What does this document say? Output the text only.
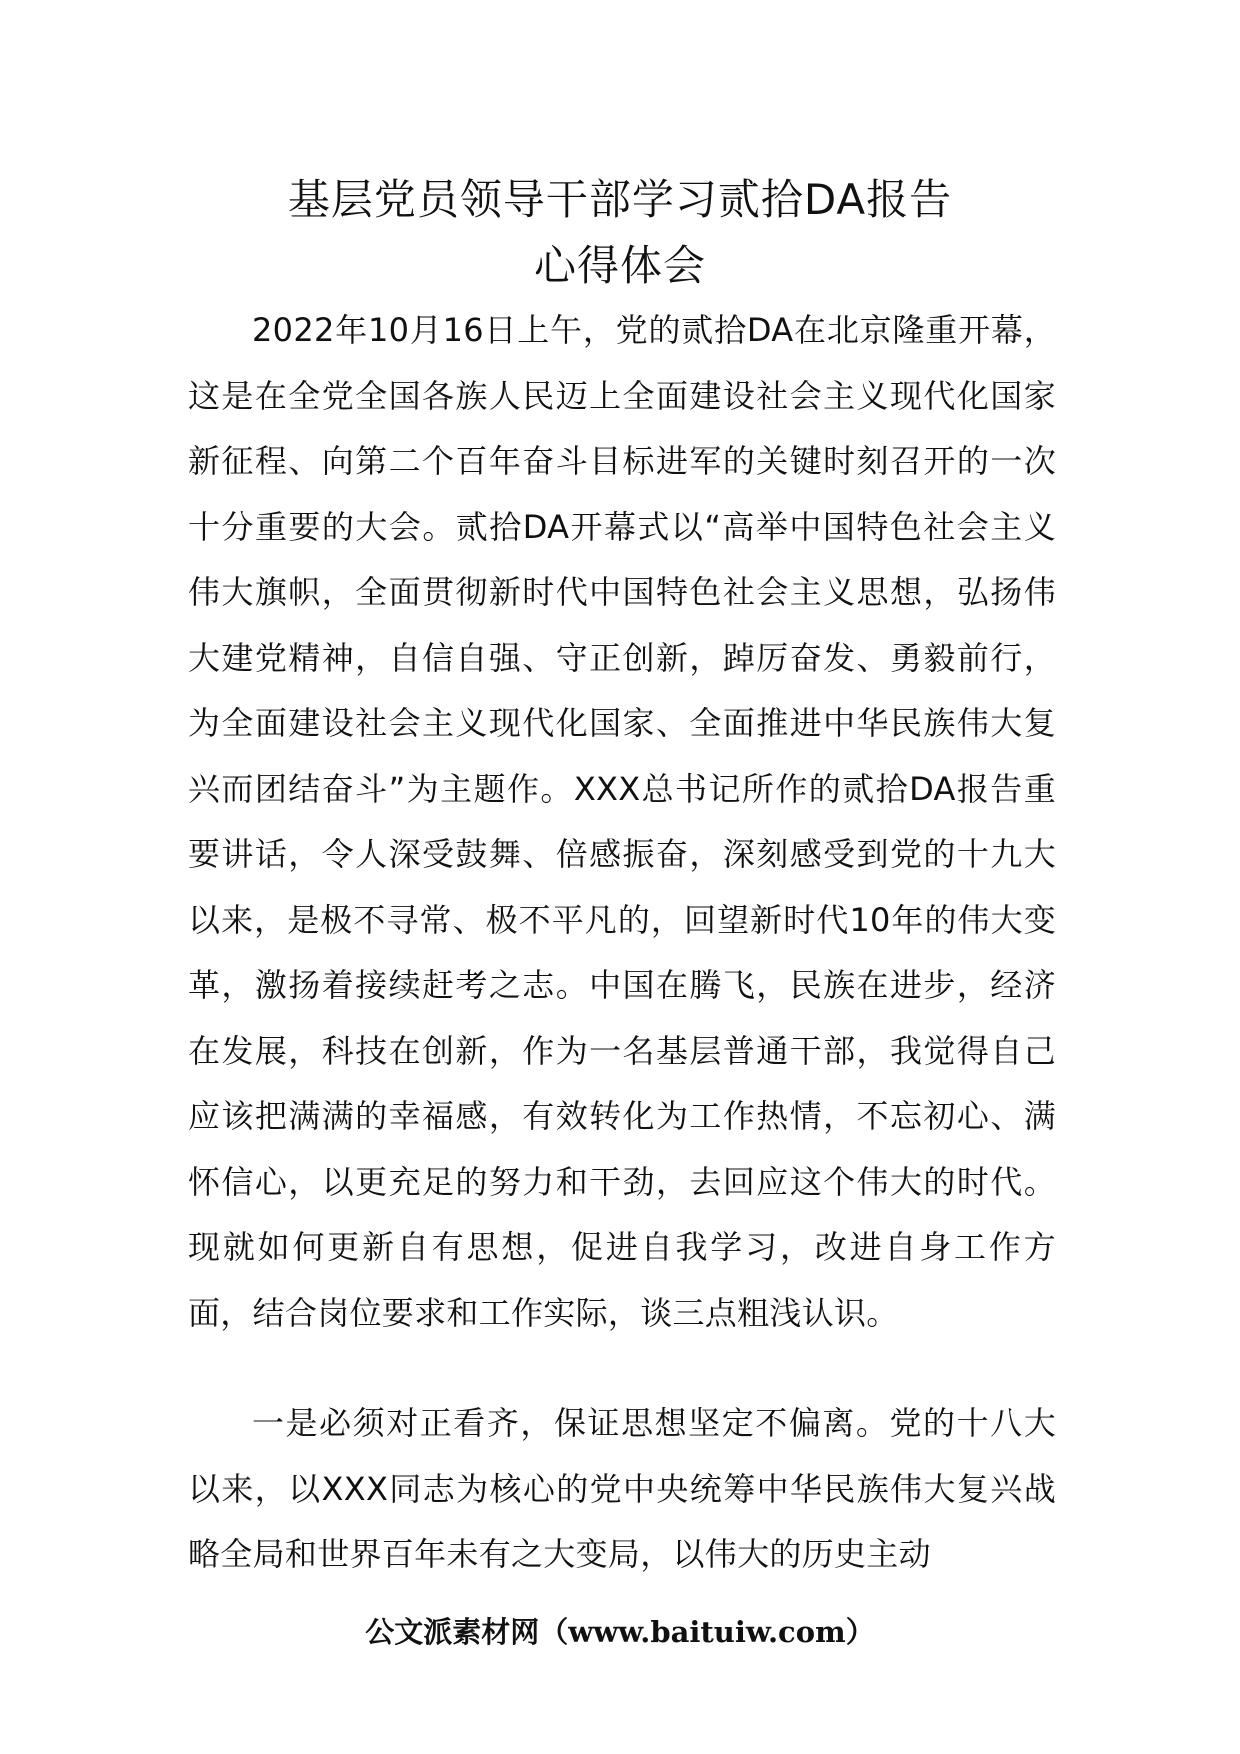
基层党员领导干部学习贰拾DA报告
心得体会

2022年10月16日上午，党的贰拾DA在北京隆重开幕，这是在全党全国各族人民迈上全面建设社会主义现代化国家新征程、向第二个百年奋斗目标进军的关键时刻召开的一次十分重要的大会。贰拾DA开幕式以“高举中国特色社会主义伟大旗帜，全面贯彻新时代中国特色社会主义思想，弘扬伟大建党精神，自信自强、守正创新，踔厉奋发、勇毅前行，为全面建设社会主义现代化国家、全面推进中华民族伟大复兴而团结奋斗”为主题作。XXX总书记所作的贰拾DA报告重要讲话，令人深受鼓舞、倍感振奋，深刻感受到党的十九大以来，是极不寻常、极不平凡的，回望新时代10年的伟大变革，激扬着接续赶考之志。中国在腾飞，民族在进步，经济在发展，科技在创新，作为一名基层普通干部，我觉得自己应该把满满的幸福感，有效转化为工作热情，不忘初心、满怀信心，以更充足的努力和干劲，去回应这个伟大的时代。现就如何更新自有思想，促进自我学习，改进自身工作方面，结合岗位要求和工作实际，谈三点粗浅认识。

一是必须对正看齐，保证思想坚定不偏离。党的十八大以来，以XXX同志为核心的党中央统筹中华民族伟大复兴战略全局和世界百年未有之大变局，以伟大的历史主动

公文派素材网（www.baituiw.com）
